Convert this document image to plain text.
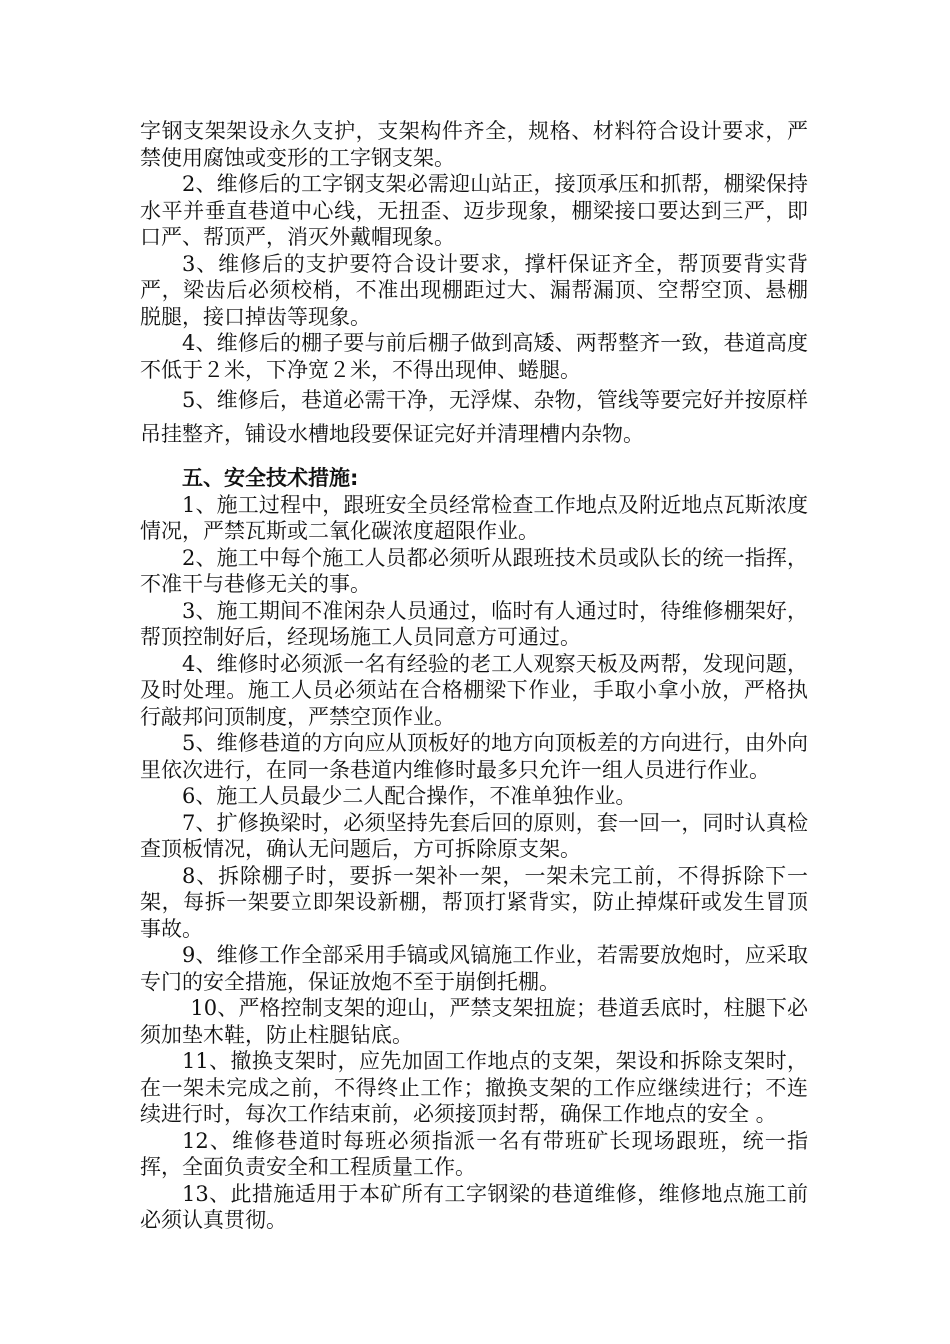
字钢支架架设永久支护，支架构件齐全，规格、材料符合设计要求，严禁使用腐蚀或变形的工字钢支架。

2、维修后的工字钢支架必需迎山站正，接顶承压和抓帮，棚梁保持水平并垂直巷道中心线，无扭歪、迈步现象，棚梁接口要达到三严，即口严、帮顶严，消灭外戴帽现象。

3、维修后的支护要符合设计要求，撑杆保证齐全，帮顶要背实背严，梁齿后必须校梢，不准出现棚距过大、漏帮漏顶、空帮空顶、悬棚脱腿，接口掉齿等现象。

4、维修后的棚子要与前后棚子做到高矮、两帮整齐一致，巷道高度不低于２米，下净宽２米，不得出现伸、蜷腿。

5、维修后，巷道必需干净，无浮煤、杂物，管线等要完好并按原样吊挂整齐，铺设水槽地段要保证完好并清理槽内杂物。

五、安全技术措施:

1、施工过程中，跟班安全员经常检查工作地点及附近地点瓦斯浓度情况，严禁瓦斯或二氧化碳浓度超限作业。

2、施工中每个施工人员都必须听从跟班技术员或队长的统一指挥，不准干与巷修无关的事。

3、施工期间不准闲杂人员通过，临时有人通过时，待维修棚架好，帮顶控制好后，经现场施工人员同意方可通过。

4、维修时必须派一名有经验的老工人观察天板及两帮，发现问题，及时处理。施工人员必须站在合格棚梁下作业，手取小拿小放，严格执行敲邦问顶制度，严禁空顶作业。

5、维修巷道的方向应从顶板好的地方向顶板差的方向进行，由外向里依次进行，在同一条巷道内维修时最多只允许一组人员进行作业。

6、施工人员最少二人配合操作，不准单独作业。

7、扩修换梁时，必须坚持先套后回的原则，套一回一，同时认真检查顶板情况，确认无问题后，方可拆除原支架。

8、拆除棚子时，要拆一架补一架，一架未完工前，不得拆除下一架，每拆一架要立即架设新棚，帮顶打紧背实，防止掉煤矸或发生冒顶事故。

9、维修工作全部采用手镐或风镐施工作业，若需要放炮时，应采取专门的安全措施，保证放炮不至于崩倒托棚。

10、严格控制支架的迎山，严禁支架扭旋；巷道丢底时，柱腿下必须加垫木鞋，防止柱腿钻底。

11、撤换支架时，应先加固工作地点的支架，架设和拆除支架时，在一架未完成之前，不得终止工作；撤换支架的工作应继续进行；不连续进行时，每次工作结束前，必须接顶封帮，确保工作地点的安全 。

12、维修巷道时每班必须指派一名有带班矿长现场跟班，统一指挥，全面负责安全和工程质量工作。

13、此措施适用于本矿所有工字钢梁的巷道维修，维修地点施工前必须认真贯彻。
